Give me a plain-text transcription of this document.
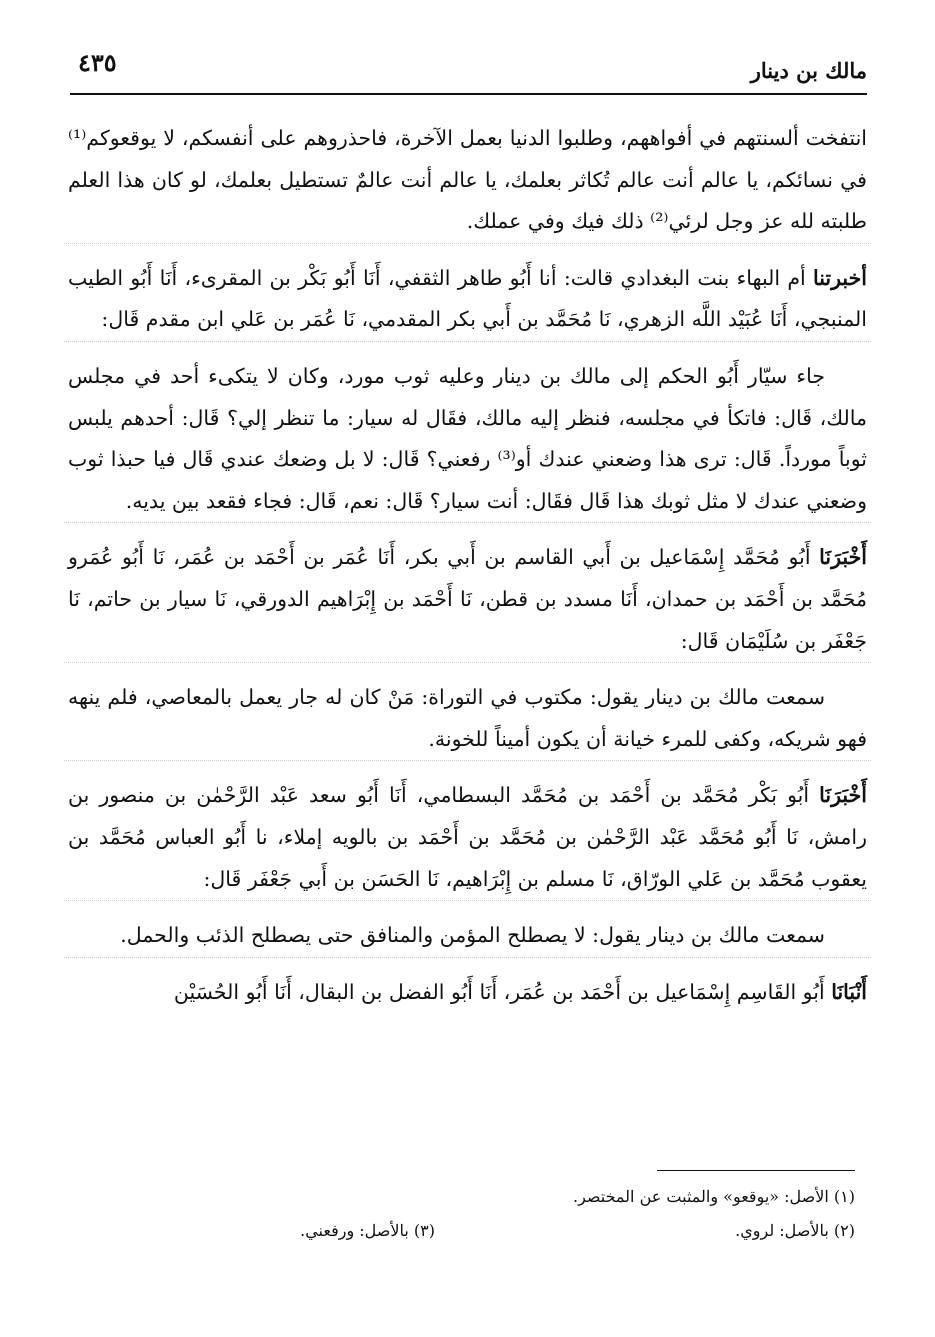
٤٣٥	مالك بن دينار

انتفخت ألسنتهم في أفواههم، وطلبوا الدنيا بعمل الآخرة، فاحذروهم على أنفسكم، لا يوقعوكم⁽¹⁾ في نسائكم، يا عالم أنت عالم تُكاثر بعلمك، يا عالم أنت عالمٌ تستطيل بعلمك، لو كان هذا العلم طلبته لله عز وجل لرئي⁽²⁾ ذلك فيك وفي عملك.

أخبرتنا أم البهاء بنت البغدادي قالت: أنا أَبُو طاهر الثقفي، أَنَا أَبُو بَكْر بن المقرىء، أَنَا أَبُو الطيب المنبجي، أَنَا عُبَيْد اللَّه الزهري، نَا مُحَمَّد بن أَبي بكر المقدمي، نَا عُمَر بن عَلي ابن مقدم قَال:

جاء سيّار أَبُو الحكم إلى مالك بن دينار وعليه ثوب مورد، وكان لا يتكىء أحد في مجلس مالك، قَال: فاتكأ في مجلسه، فنظر إليه مالك، فقَال له سيار: ما تنظر إلي؟ قَال: أحدهم يلبس ثوباً مورداً. قَال: ترى هذا وضعني عندك أو⁽³⁾ رفعني؟ قَال: لا بل وضعك عندي قَال فيا حبذا ثوب وضعني عندك لا مثل ثوبك هذا قَال فقَال: أنت سيار؟ قَال: نعم، قَال: فجاء فقعد بين يديه.

أَخْبَرَنَا أَبُو مُحَمَّد إِسْمَاعيل بن أَبي القاسم بن أَبي بكر، أَنَا عُمَر بن أَحْمَد بن عُمَر، نَا أَبُو عُمَرو مُحَمَّد بن أَحْمَد بن حمدان، أَنَا مسدد بن قطن، نَا أَحْمَد بن إِبْرَاهيم الدورقي، نَا سيار بن حاتم، نَا جَعْفَر بن سُلَيْمَان قَال:

سمعت مالك بن دينار يقول: مكتوب في التوراة: مَنْ كان له جار يعمل بالمعاصي، فلم ينهه فهو شريكه، وكفى للمرء خيانة أن يكون أميناً للخونة.

أَخْبَرَنَا أَبُو بَكْر مُحَمَّد بن أَحْمَد بن مُحَمَّد البسطامي، أَنَا أَبُو سعد عَبْد الرَّحْمٰن بن منصور بن رامش، نَا أَبُو مُحَمَّد عَبْد الرَّحْمٰن بن مُحَمَّد بن أَحْمَد بن بالويه إملاء، نا أَبُو العباس مُحَمَّد بن يعقوب مُحَمَّد بن عَلي الورّاق، نَا مسلم بن إِبْرَاهيم، نَا الحَسَن بن أَبي جَعْفَر قَال:

سمعت مالك بن دينار يقول: لا يصطلح المؤمن والمنافق حتى يصطلح الذئب والحمل.

أَنْبَانَا أَبُو القَاسِم إِسْمَاعيل بن أَحْمَد بن عُمَر، أَنَا أَبُو الفضل بن البقال، أَنَا أَبُو الحُسَيْن

(١) الأصل: «يوقعو» والمثبت عن المختصر.

(٢) بالأصل: لروي.
(٣) بالأصل: ورفعني.
